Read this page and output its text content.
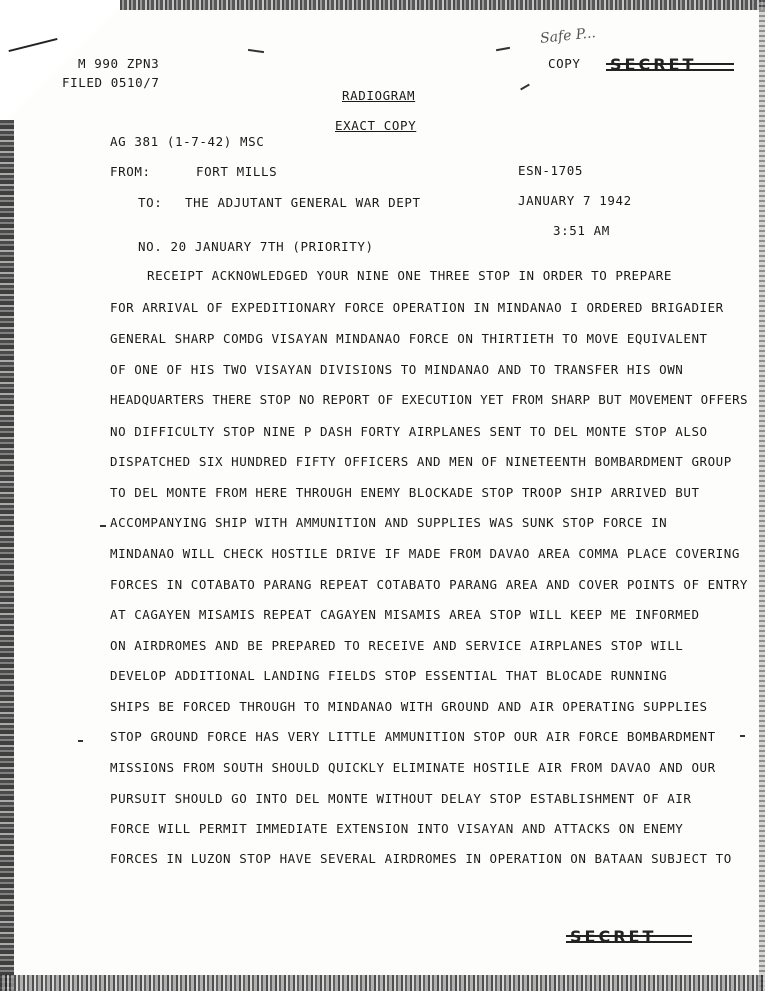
M 990 ZPN3
FILED 0510/7
Safe P...
COPY
RADIOGRAM
EXACT COPY
AG 381 (1-7-42) MSC
FROM:	FORT MILLS	ESN-1705
TO: THE ADJUTANT GENERAL WAR DEPT	JANUARY 7 1942
3:51 AM
NO. 20 JANUARY 7TH (PRIORITY)
RECEIPT ACKNOWLEDGED YOUR NINE ONE THREE STOP IN ORDER TO PREPARE
FOR ARRIVAL OF EXPEDITIONARY FORCE OPERATION IN MINDANAO I ORDERED BRIGADIER
GENERAL SHARP COMDG VISAYAN MINDANAO FORCE ON THIRTIETH TO MOVE EQUIVALENT
OF ONE OF HIS TWO VISAYAN DIVISIONS TO MINDANAO AND TO TRANSFER HIS OWN
HEADQUARTERS THERE STOP NO REPORT OF EXECUTION YET FROM SHARP BUT MOVEMENT OFFERS
NO DIFFICULTY STOP NINE P DASH FORTY AIRPLANES SENT TO DEL MONTE STOP ALSO
DISPATCHED SIX HUNDRED FIFTY OFFICERS AND MEN OF NINETEENTH BOMBARDMENT GROUP
TO DEL MONTE FROM HERE THROUGH ENEMY BLOCKADE STOP TROOP SHIP ARRIVED BUT
ACCOMPANYING SHIP WITH AMMUNITION AND SUPPLIES WAS SUNK STOP FORCE IN
MINDANAO WILL CHECK HOSTILE DRIVE IF MADE FROM DAVAO AREA COMMA PLACE COVERING
FORCES IN COTABATO PARANG REPEAT COTABATO PARANG AREA AND COVER POINTS OF ENTRY
AT CAGAYEN MISAMIS REPEAT CAGAYEN MISAMIS AREA STOP WILL KEEP ME INFORMED
ON AIRDROMES AND BE PREPARED TO RECEIVE AND SERVICE AIRPLANES STOP WILL
DEVELOP ADDITIONAL LANDING FIELDS STOP ESSENTIAL THAT BLOCADE RUNNING
SHIPS BE FORCED THROUGH TO MINDANAO WITH GROUND AND AIR OPERATING SUPPLIES
STOP GROUND FORCE HAS VERY LITTLE AMMUNITION STOP OUR AIR FORCE BOMBARDMENT
MISSIONS FROM SOUTH SHOULD QUICKLY ELIMINATE HOSTILE AIR FROM DAVAO AND OUR
PURSUIT SHOULD GO INTO DEL MONTE WITHOUT DELAY STOP ESTABLISHMENT OF AIR
FORCE WILL PERMIT IMMEDIATE EXTENSION INTO VISAYAN AND ATTACKS ON ENEMY
FORCES IN LUZON STOP HAVE SEVERAL AIRDROMES IN OPERATION ON BATAAN SUBJECT TO
